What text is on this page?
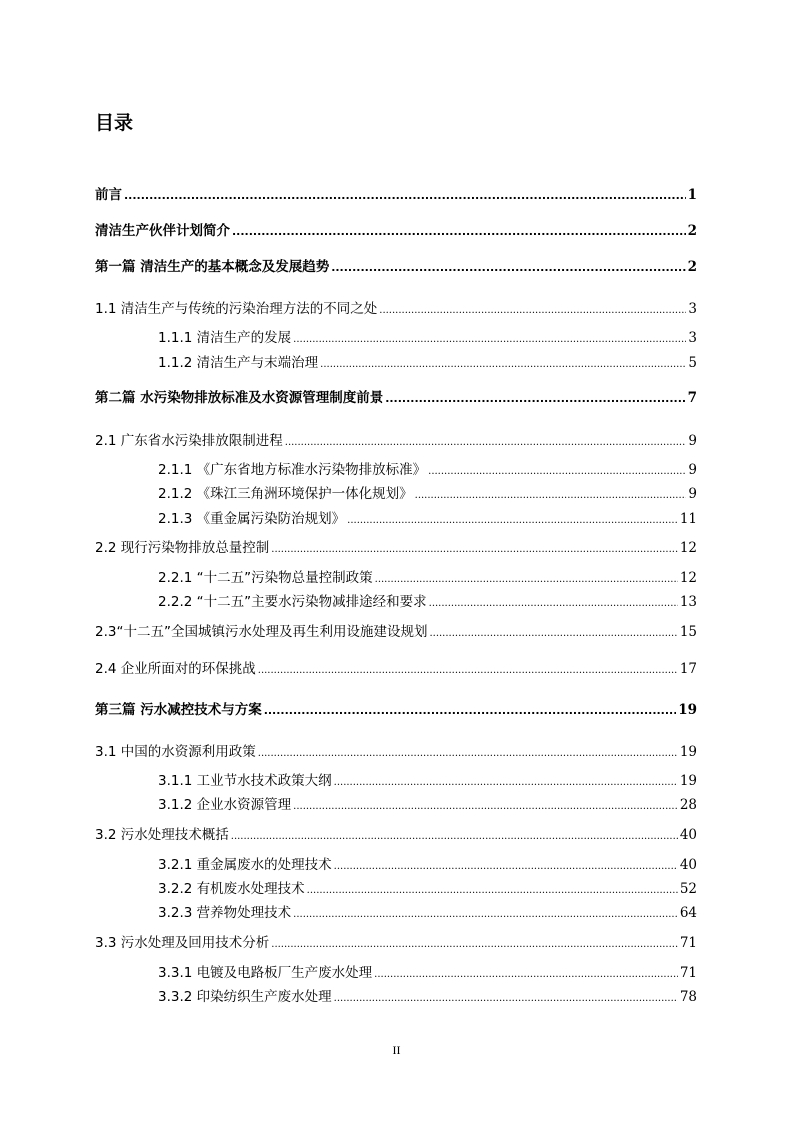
目录
前言 .....	1
清洁生产伙伴计划简介 .....	2
第一篇 清洁生产的基本概念及发展趋势 .....	2
1.1 清洁生产与传统的污染治理方法的不同之处 .....	3
1.1.1 清洁生产的发展 .....	3
1.1.2 清洁生产与末端治理 .....	5
第二篇 水污染物排放标准及水资源管理制度前景 .....	7
2.1 广东省水污染排放限制进程 .....	9
2.1.1 《广东省地方标准水污染物排放标准》 .....	9
2.1.2 《珠江三角洲环境保护一体化规划》 .....	9
2.1.3 《重金属污染防治规划》 .....	11
2.2 现行污染物排放总量控制 .....	12
2.2.1 “十二五”污染物总量控制政策 .....	12
2.2.2 “十二五”主要水污染物减排途经和要求 .....	13
2.3“十二五”全国城镇污水处理及再生利用设施建设规划 .....	15
2.4 企业所面对的环保挑战 .....	17
第三篇 污水减控技术与方案 .....	19
3.1 中国的水资源利用政策 .....	19
3.1.1 工业节水技术政策大纲 .....	19
3.1.2 企业水资源管理 .....	28
3.2 污水处理技术概括 .....	40
3.2.1 重金属废水的处理技术 .....	40
3.2.2 有机废水处理技术 .....	52
3.2.3 营养物处理技术 .....	64
3.3 污水处理及回用技术分析 .....	71
3.3.1 电镀及电路板厂生产废水处理 .....	71
3.3.2 印染纺织生产废水处理 .....	78
II
